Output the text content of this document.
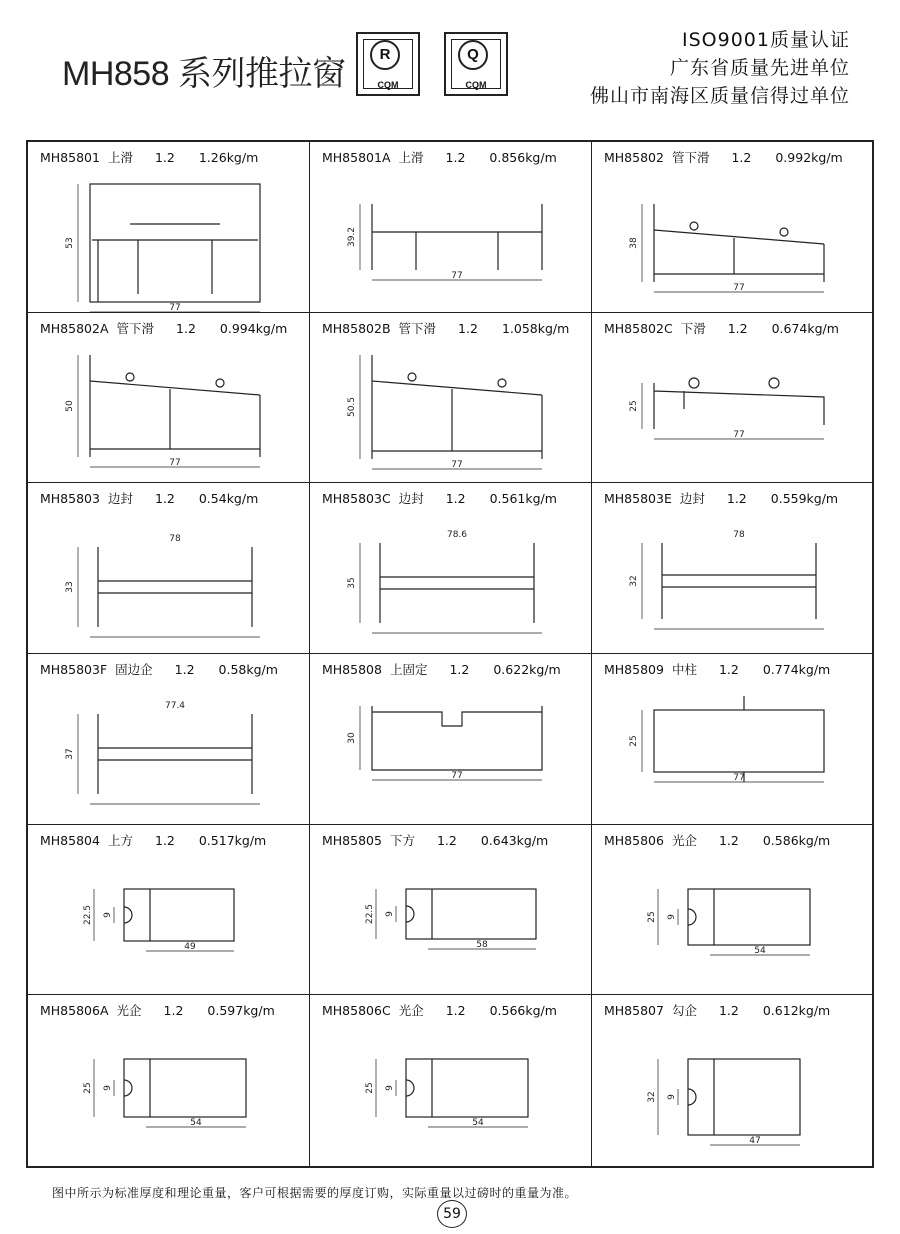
MH858 系列推拉窗
R
CQM
Q
CQM
ISO9001质量认证
广东省质量先进单位
佛山市南海区质量信得过单位
MH85801 上滑 1.2 1.26kg/m
77
53
MH85801A 上滑 1.2 0.856kg/m
77
39.2
MH85802 管下滑 1.2 0.992kg/m
77
38
MH85802A 管下滑 1.2 0.994kg/m
77
50
MH85802B 管下滑 1.2 1.058kg/m
77
50.5
MH85802C 下滑 1.2 0.674kg/m
77
25
MH85803 边封 1.2 0.54kg/m
78
33
MH85803C 边封 1.2 0.561kg/m
78.6
35
MH85803E 边封 1.2 0.559kg/m
78
32
MH85803F 固边企 1.2 0.58kg/m
77.4
37
MH85808 上固定 1.2 0.622kg/m
77
30
MH85809 中柱 1.2 0.774kg/m
77
25
MH85804 上方 1.2 0.517kg/m
49
22.5 9
MH85805 下方 1.2 0.643kg/m
58
22.5 9
MH85806 光企 1.2 0.586kg/m
54
25 9
MH85806A 光企 1.2 0.597kg/m
54
25 9
MH85806C 光企 1.2 0.566kg/m
54
25 9
MH85807 勾企 1.2 0.612kg/m
47
32 9
图中所示为标准厚度和理论重量，客户可根据需要的厚度订购，实际重量以过磅时的重量为准。
59
